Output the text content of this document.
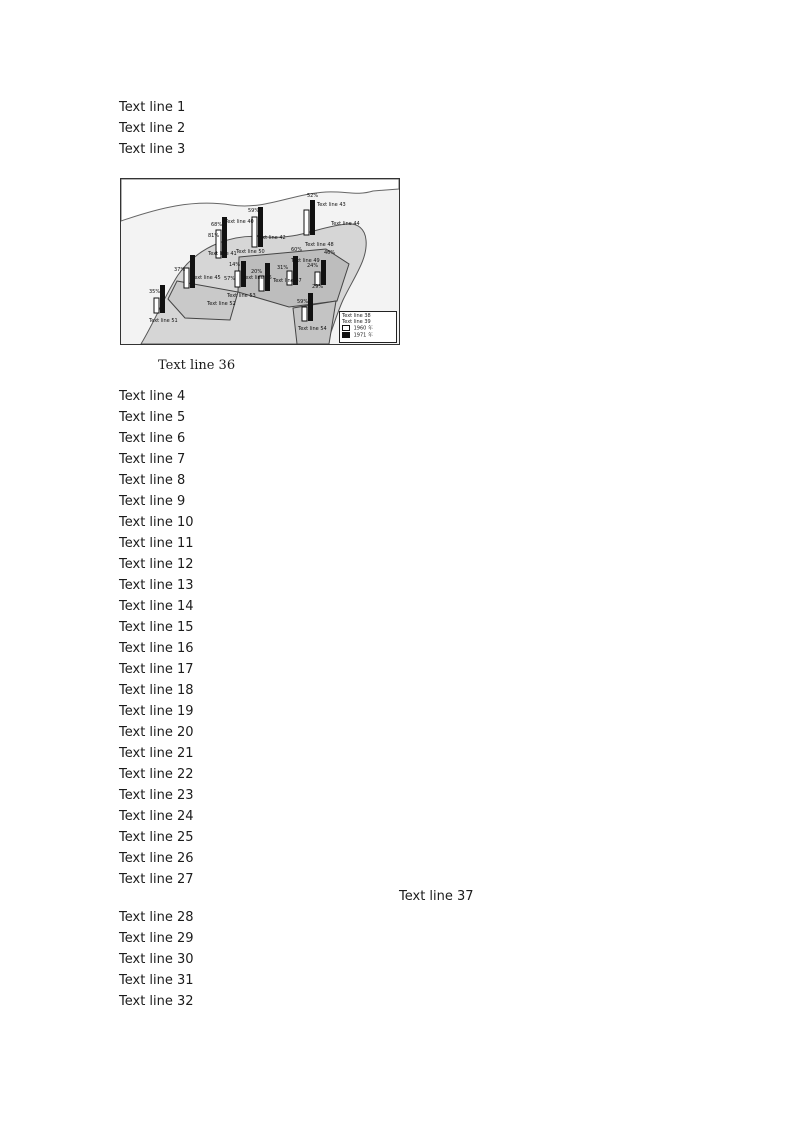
Text line 1
Text line 2
Text line 3
68%
81%
59%
52%
37%
35%
60%
31%
46%
20%
59%
24%
14%
57%
29%
Text line 40
Text line 41
Text line 42
Text line 43
Text line 44
Text line 45	Text line 46 Text line 47
Text line 48
Text line 49
Text line 50
Text line 51
Text line 52
Text line 53
Text line 54
Text line 38
Text line 39
1960 年
1971 年
Text line 36
Text line 4
Text line 5
Text line 6
Text line 7
Text line 8
Text line 9
Text line 10
Text line 11
Text line 12
Text line 13
Text line 14
Text line 15
Text line 16
Text line 17
Text line 18
Text line 19
Text line 20
Text line 21
Text line 22
Text line 23
Text line 24
Text line 25
Text line 26
Text line 27
Text line 37
Text line 28
Text line 29
Text line 30
Text line 31
Text line 32
